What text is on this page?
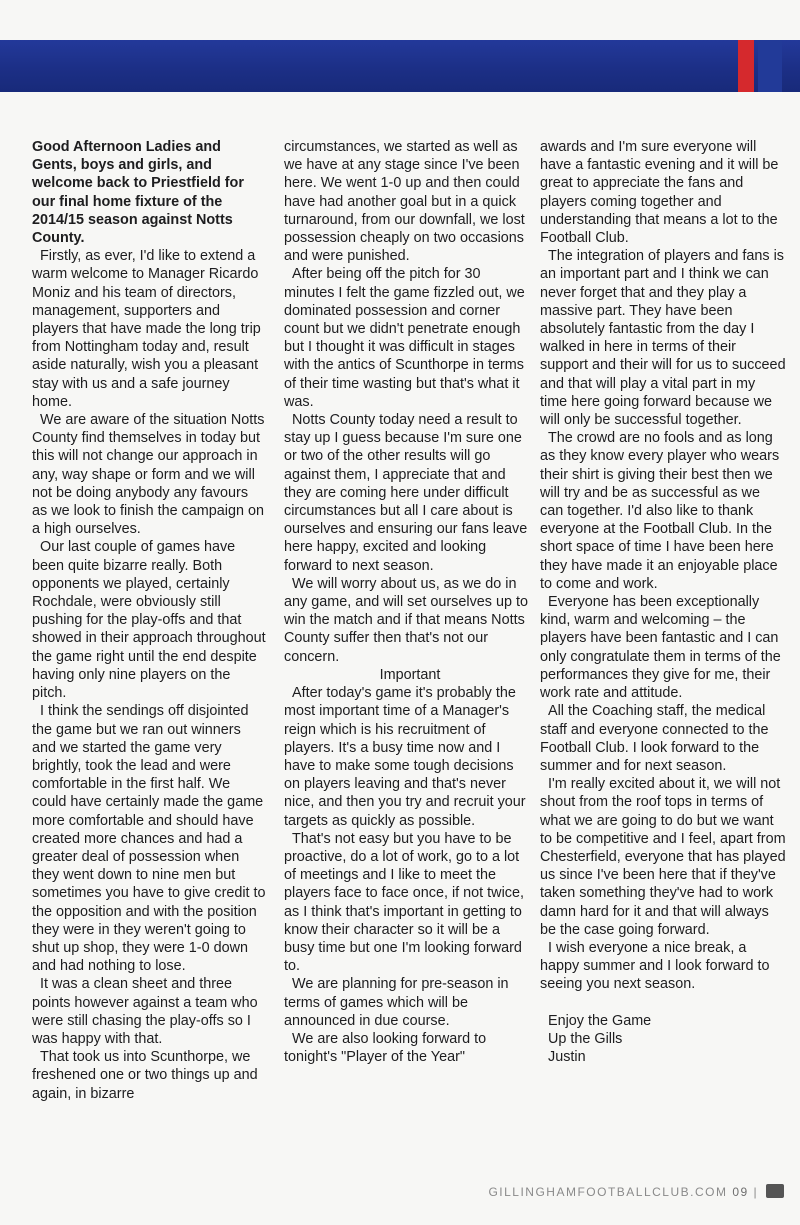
Good Afternoon Ladies and Gents, boys and girls, and welcome back to Priestfield for our final home fixture of the 2014/15 season against Notts County.

Firstly, as ever, I'd like to extend a warm welcome to Manager Ricardo Moniz and his team of directors, management, supporters and players that have made the long trip from Nottingham today and, result aside naturally, wish you a pleasant stay with us and a safe journey home.

We are aware of the situation Notts County find themselves in today but this will not change our approach in any, way shape or form and we will not be doing anybody any favours as we look to finish the campaign on a high ourselves.

Our last couple of games have been quite bizarre really. Both opponents we played, certainly Rochdale, were obviously still pushing for the play-offs and that showed in their approach throughout the game right until the end despite having only nine players on the pitch.

I think the sendings off disjointed the game but we ran out winners and we started the game very brightly, took the lead and were comfortable in the first half. We could have certainly made the game more comfortable and should have created more chances and had a greater deal of possession when they went down to nine men but sometimes you have to give credit to the opposition and with the position they were in they weren't going to shut up shop, they were 1-0 down and had nothing to lose.

It was a clean sheet and three points however against a team who were still chasing the play-offs so I was happy with that.

That took us into Scunthorpe, we freshened one or two things up and again, in bizarre

circumstances, we started as well as we have at any stage since I've been here. We went 1-0 up and then could have had another goal but in a quick turnaround, from our downfall, we lost possession cheaply on two occasions and were punished.

After being off the pitch for 30 minutes I felt the game fizzled out, we dominated possession and corner count but we didn't penetrate enough but I thought it was difficult in stages with the antics of Scunthorpe in terms of their time wasting but that's what it was.

Notts County today need a result to stay up I guess because I'm sure one or two of the other results will go against them, I appreciate that and they are coming here under difficult circumstances but all I care about is ourselves and ensuring our fans leave here happy, excited and looking forward to next season.

We will worry about us, as we do in any game, and will set ourselves up to win the match and if that means Notts County suffer then that's not our concern.

Important

After today's game it's probably the most important time of a Manager's reign which is his recruitment of players. It's a busy time now and I have to make some tough decisions on players leaving and that's never nice, and then you try and recruit your targets as quickly as possible.

That's not easy but you have to be proactive, do a lot of work, go to a lot of meetings and I like to meet the players face to face once, if not twice, as I think that's important in getting to know their character so it will be a busy time but one I'm looking forward to.

We are planning for pre-season in terms of games which will be announced in due course.

We are also looking forward to tonight's "Player of the Year"

awards and I'm sure everyone will have a fantastic evening and it will be great to appreciate the fans and players coming together and understanding that means a lot to the Football Club.

The integration of players and fans is an important part and I think we can never forget that and they play a massive part. They have been absolutely fantastic from the day I walked in here in terms of their support and their will for us to succeed and that will play a vital part in my time here going forward because we will only be successful together.

The crowd are no fools and as long as they know every player who wears their shirt is giving their best then we will try and be as successful as we can together. I'd also like to thank everyone at the Football Club. In the short space of time I have been here they have made it an enjoyable place to come and work.

Everyone has been exceptionally kind, warm and welcoming – the players have been fantastic and I can only congratulate them in terms of the performances they give for me, their work rate and attitude.

All the Coaching staff, the medical staff and everyone connected to the Football Club. I look forward to the summer and for next season.

I'm really excited about it, we will not shout from the roof tops in terms of what we are going to do but we want to be competitive and I feel, apart from Chesterfield, everyone that has played us since I've been here that if they've taken something they've had to work damn hard for it and that will always be the case going forward.

I wish everyone a nice break, a happy summer and I look forward to seeing you next season.

Enjoy the Game
Up the Gills
Justin
GILLINGHAMFOOTBALLCLUB.COM 09 |
